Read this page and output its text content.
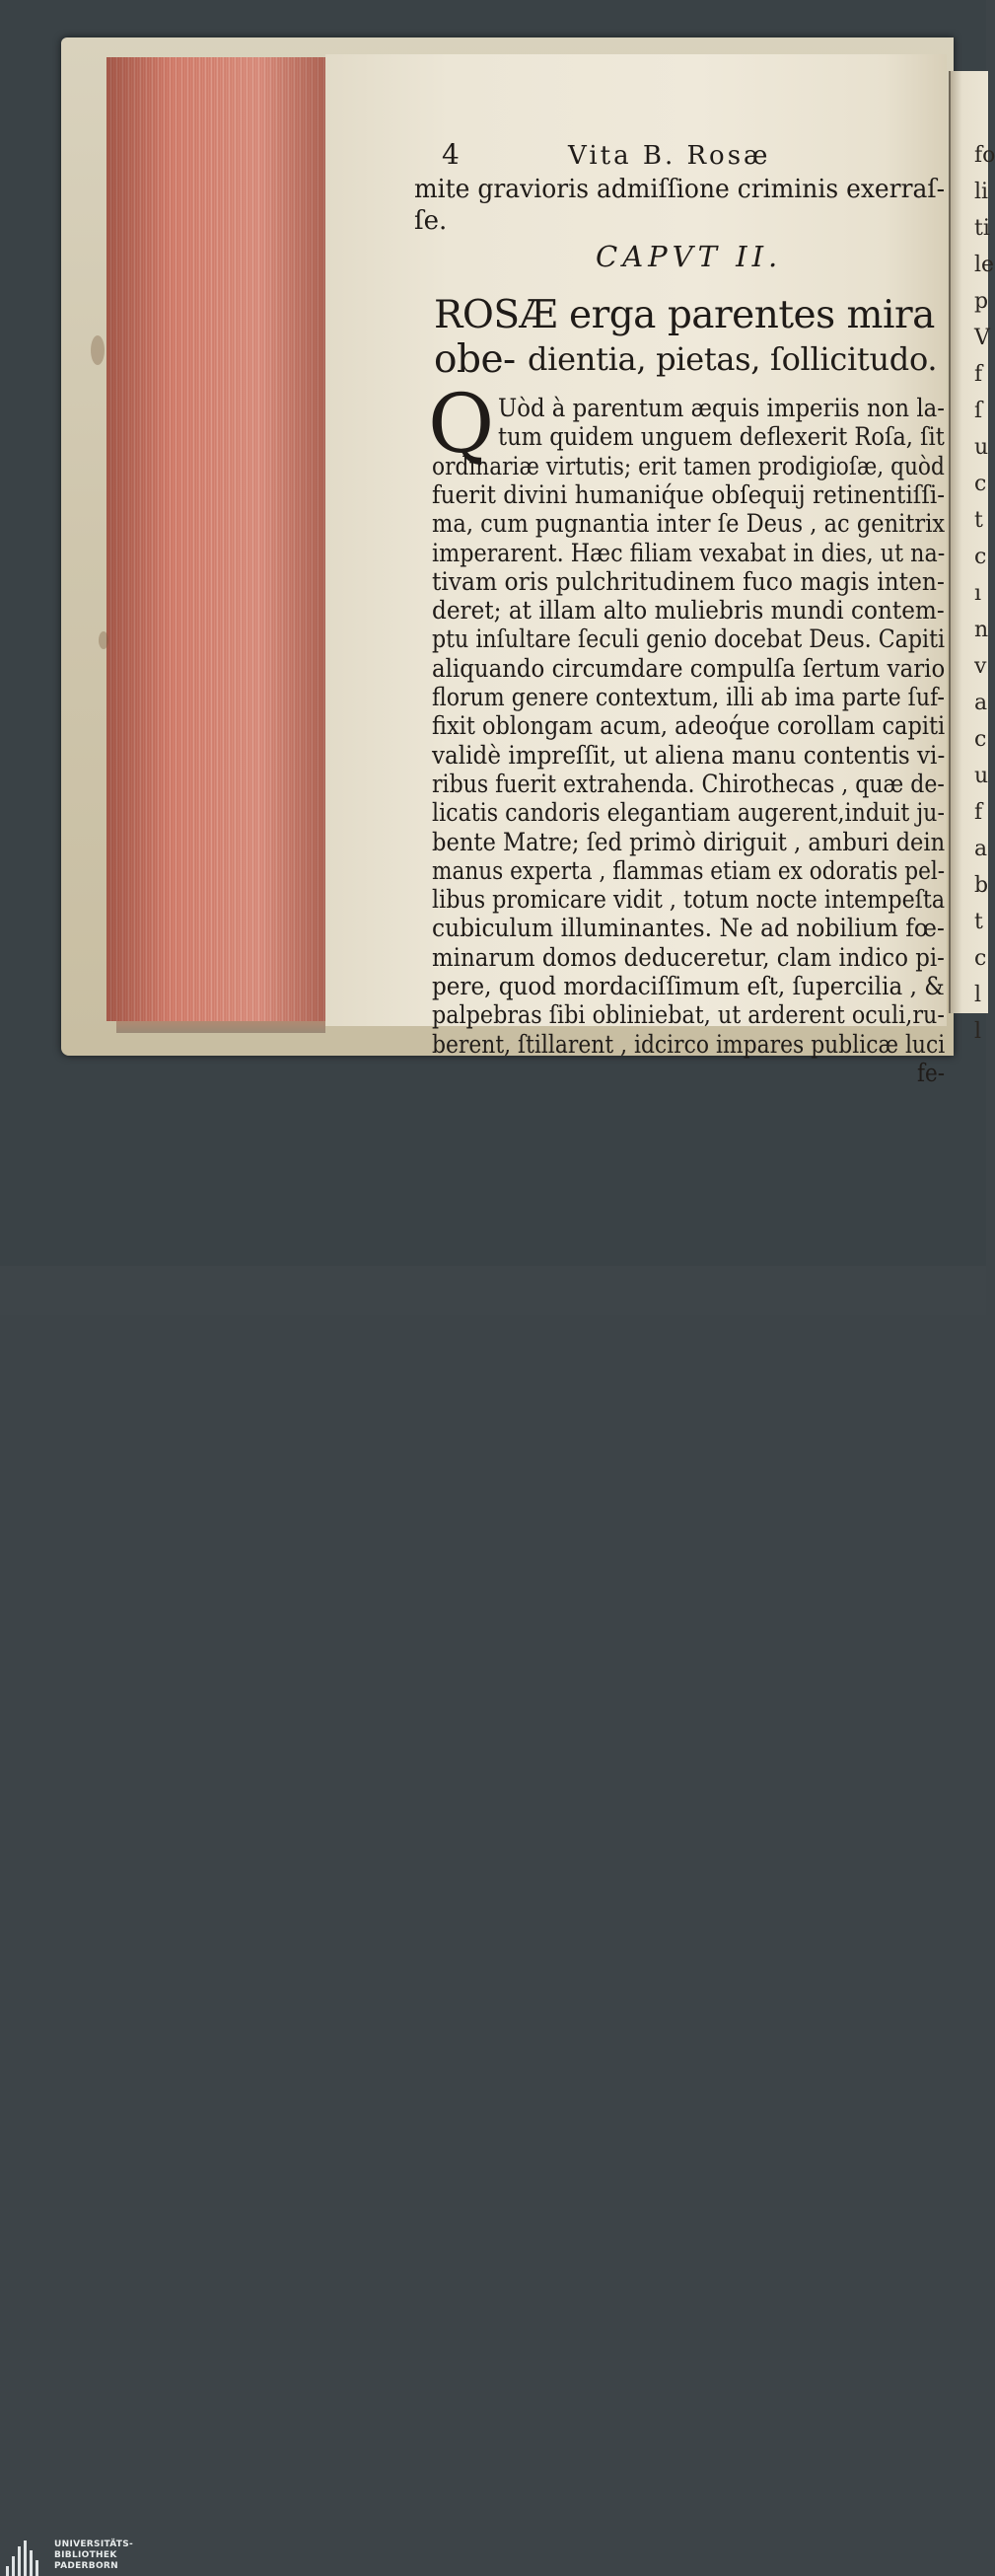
4	Vita B. Rosæ
mite gravioris admiſſione criminis exerraſ-
ſe.
CAPVT II.
ROSÆ erga parentes mira obe- dientia, pietas, ſollicitudo.
Q Uòd à parentum æquis imperiis non la-
tum quidem unguem deflexerit Roſa, ſit
ordinariæ virtutis; erit tamen prodigioſæ, quòd
fuerit divini humaniq́ue obſequij retinentiſſi-
ma, cum pugnantia inter ſe Deus , ac genitrix
imperarent. Hæc filiam vexabat in dies, ut na-
tivam oris pulchritudinem fuco magis inten-
deret; at illam alto muliebris mundi contem-
ptu inſultare ſeculi genio docebat Deus. Capiti
aliquando circumdare compulſa ſertum vario
florum genere contextum, illi ab ima parte ſuf-
fixit oblongam acum, adeoq́ue corollam capiti
validè impreſſit, ut aliena manu contentis vi-
ribus fuerit extrahenda. Chirothecas , quæ de-
licatis candoris elegantiam augerent,induit ju-
bente Matre; ſed primò diriguit , amburi dein
manus experta , flammas etiam ex odoratis pel-
libus promicare vidit , totum nocte intempeſta
cubiculum illuminantes. Ne ad nobilium fœ-
minarum domos deduceretur, clam indico pi-
pere, quod mordaciſſimum eſt, ſupercilia , &
palpebras ſibi obliniebat, ut arderent oculi,ru-
berent, ſtillarent , idcirco impares publicæ luci
fe-
fo
li
ti
le
p
V
f
ſ
u
c
t
c
ı
n
v
a
c
u
f
a
b
t
c
l
l
UNIVERSITÄTS-
BIBLIOTHEK
PADERBORN
